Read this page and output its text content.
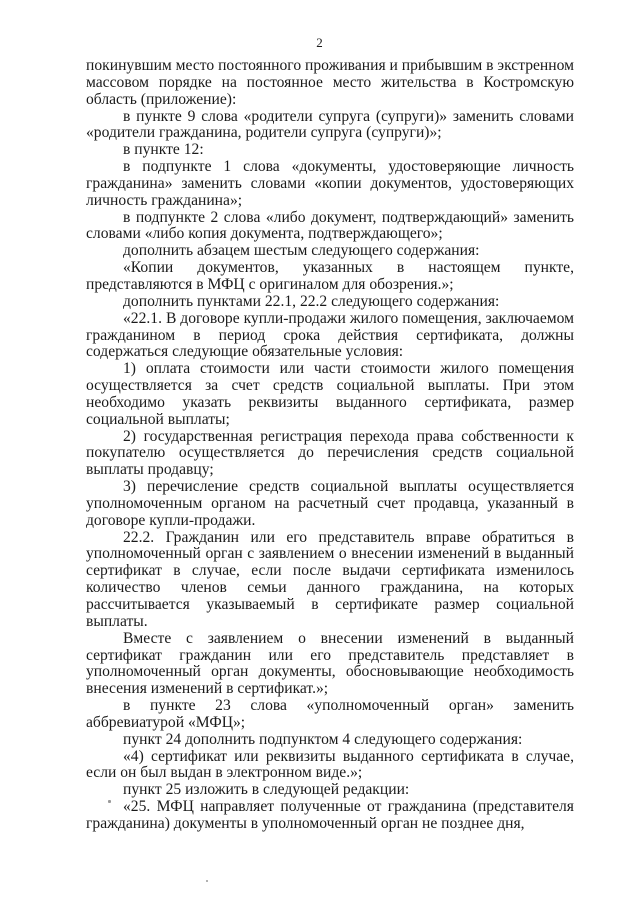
2

покинувшим место постоянного проживания и прибывшим в экстренном массовом порядке на постоянное место жительства в Костромскую область (приложение):

в пункте 9 слова «родители супруга (супруги)» заменить словами «родители гражданина, родители супруга (супруги)»;

в пункте 12:

в подпункте 1 слова «документы, удостоверяющие личность гражданина» заменить словами «копии документов, удостоверяющих личность гражданина»;

в подпункте 2 слова «либо документ, подтверждающий» заменить словами «либо копия документа, подтверждающего»;

дополнить абзацем шестым следующего содержания:

«Копии документов, указанных в настоящем пункте, представляются в МФЦ с оригиналом для обозрения.»;

дополнить пунктами 22.1, 22.2 следующего содержания:

«22.1. В договоре купли-продажи жилого помещения, заключаемом гражданином в период срока действия сертификата, должны содержаться следующие обязательные условия:

1) оплата стоимости или части стоимости жилого помещения осуществляется за счет средств социальной выплаты. При этом необходимо указать реквизиты выданного сертификата, размер социальной выплаты;

2) государственная регистрация перехода права собственности к покупателю осуществляется до перечисления средств социальной выплаты продавцу;

3) перечисление средств социальной выплаты осуществляется уполномоченным органом на расчетный счет продавца, указанный в договоре купли-продажи.

22.2. Гражданин или его представитель вправе обратиться в уполномоченный орган с заявлением о внесении изменений в выданный сертификат в случае, если после выдачи сертификата изменилось количество членов семьи данного гражданина, на которых рассчитывается указываемый в сертификате размер социальной выплаты.

Вместе с заявлением о внесении изменений в выданный сертификат гражданин или его представитель представляет в уполномоченный орган документы, обосновывающие необходимость внесения изменений в сертификат.»;

в пункте 23 слова «уполномоченный орган» заменить аббревиатурой «МФЦ»;

пункт 24 дополнить подпунктом 4 следующего содержания:

«4) сертификат или реквизиты выданного сертификата в случае, если он был выдан в электронном виде.»;

пункт 25 изложить в следующей редакции:

«25. МФЦ направляет полученные от гражданина (представителя гражданина) документы в уполномоченный орган не позднее дня,
